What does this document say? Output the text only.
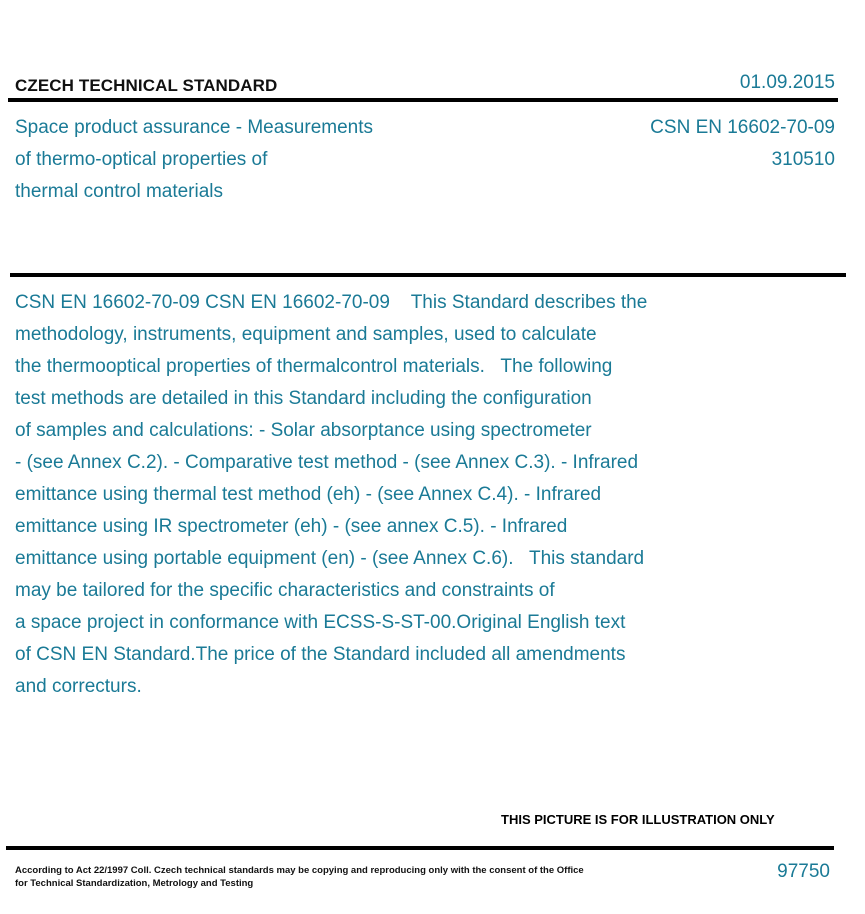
CZECH TECHNICAL STANDARD	01.09.2015
Space product assurance - Measurements
of thermo-optical properties of
thermal control materials
CSN EN 16602-70-09
310510
CSN EN 16602-70-09 CSN EN 16602-70-09    This Standard describes the
methodology, instruments, equipment and samples, used to calculate
the thermooptical properties of thermalcontrol materials.   The following
test methods are detailed in this Standard including the configuration
of samples and calculations: - Solar absorptance using spectrometer
- (see Annex C.2). - Comparative test method - (see Annex C.3). - Infrared
emittance using thermal test method (eh) - (see Annex C.4). - Infrared
emittance using IR spectrometer (eh) - (see annex C.5). - Infrared
emittance using portable equipment (en) - (see Annex C.6).   This standard
may be tailored for the specific characteristics and constraints of
a space project in conformance with ECSS-S-ST-00.Original English text
of CSN EN Standard.The price of the Standard included all amendments
and correcturs.
THIS PICTURE IS FOR ILLUSTRATION ONLY
According to Act 22/1997 Coll. Czech technical standards may be copying and reproducing only with the consent of the Office
for Technical Standardization, Metrology and Testing
97750
